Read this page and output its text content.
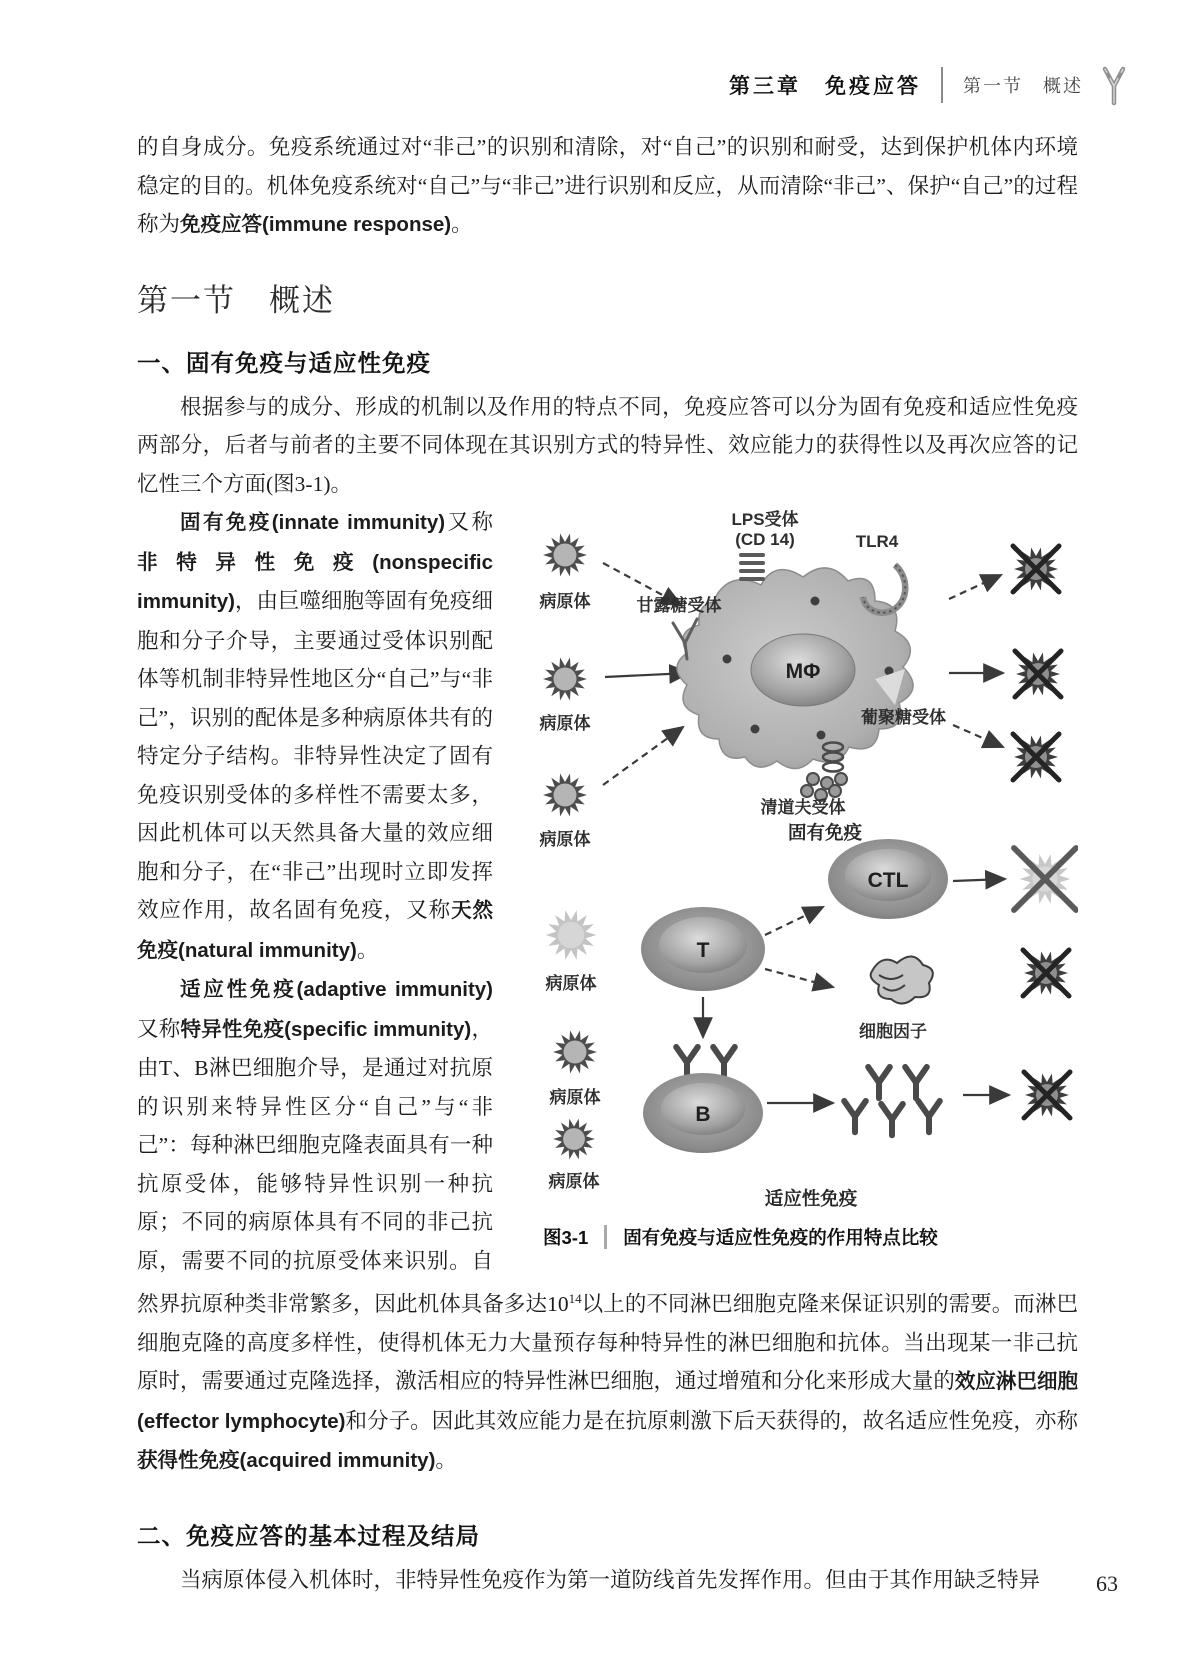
第三章　免疫应答 第一节　概述

的自身成分。免疫系统通过对“非己”的识别和清除，对“自己”的识别和耐受，达到保护机体内环境稳定的目的。机体免疫系统对“自己”与“非己”进行识别和反应，从而清除“非己”、保护“自己”的过程称为免疫应答(immune response)。

第一节　概述
一、固有免疫与适应性免疫

根据参与的成分、形成的机制以及作用的特点不同，免疫应答可以分为固有免疫和适应性免疫两部分，后者与前者的主要不同体现在其识别方式的特异性、效应能力的获得性以及再次应答的记忆性三个方面(图3-1)。

病原体
病原体
病原体
MΦ
LPS受体
(CD 14)	TLR4
甘露糖受体
清道夫受体
葡聚糖受体
固有免疫
病原体
病原体
病原体
T
CTL
B
细胞因子
适应性免疫
图3-1 固有免疫与适应性免疫的作用特点比较

固有免疫(innate immunity)又称非特异性免疫(nonspecific immunity)，由巨噬细胞等固有免疫细胞和分子介导，主要通过受体识别配体等机制非特异性地区分“自己”与“非己”，识别的配体是多种病原体共有的特定分子结构。非特异性决定了固有免疫识别受体的多样性不需要太多，因此机体可以天然具备大量的效应细胞和分子，在“非己”出现时立即发挥效应作用，故名固有免疫，又称天然免疫(natural immunity)。

适应性免疫(adaptive immunity)又称特异性免疫(specific immunity)，由T、B淋巴细胞介导，是通过对抗原的识别来特异性区分“自己”与“非己”：每种淋巴细胞克隆表面具有一种抗原受体，能够特异性识别一种抗原；不同的病原体具有不同的非己抗原，需要不同的抗原受体来识别。自然界抗原种类非常繁多，因此机体具备多达$10^{14}$以上的不同淋巴细胞克隆来保证识别的需要。而淋巴细胞克隆的高度多样性，使得机体无力大量预存每种特异性的淋巴细胞和抗体。当出现某一非己抗原时，需要通过克隆选择，激活相应的特异性淋巴细胞，通过增殖和分化来形成大量的效应淋巴细胞(effector lymphocyte)和分子。因此其效应能力是在抗原刺激下后天获得的，故名适应性免疫，亦称获得性免疫(acquired immunity)。

二、免疫应答的基本过程及结局

当病原体侵入机体时，非特异性免疫作为第一道防线首先发挥作用。但由于其作用缺乏特异	63
